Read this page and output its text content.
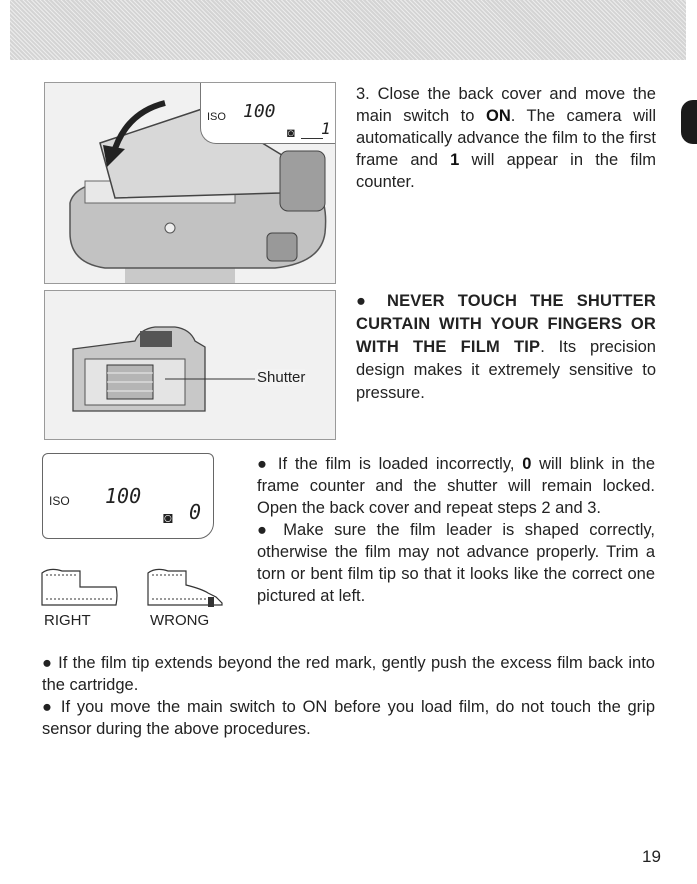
ISO 100
◙ 1
Shutter
ISO 100
◙ 0
RIGHT	WRONG

3. Close the back cover and move the main switch to ON. The camera will automatically advance the film to the first frame and 1 will appear in the film counter.

● NEVER TOUCH THE SHUTTER CURTAIN WITH YOUR FINGERS OR WITH THE FILM TIP. Its precision design makes it extremely sensitive to pressure.

● If the film is loaded incorrectly, 0 will blink in the frame counter and the shutter will remain locked. Open the back cover and repeat steps 2 and 3.

● Make sure the film leader is shaped correctly, otherwise the film may not advance properly. Trim a torn or bent film tip so that it looks like the correct one pictured at left.

● If the film tip extends beyond the red mark, gently push the excess film back into the cartridge.

● If you move the main switch to ON before you load film, do not touch the grip sensor during the above procedures.

19
